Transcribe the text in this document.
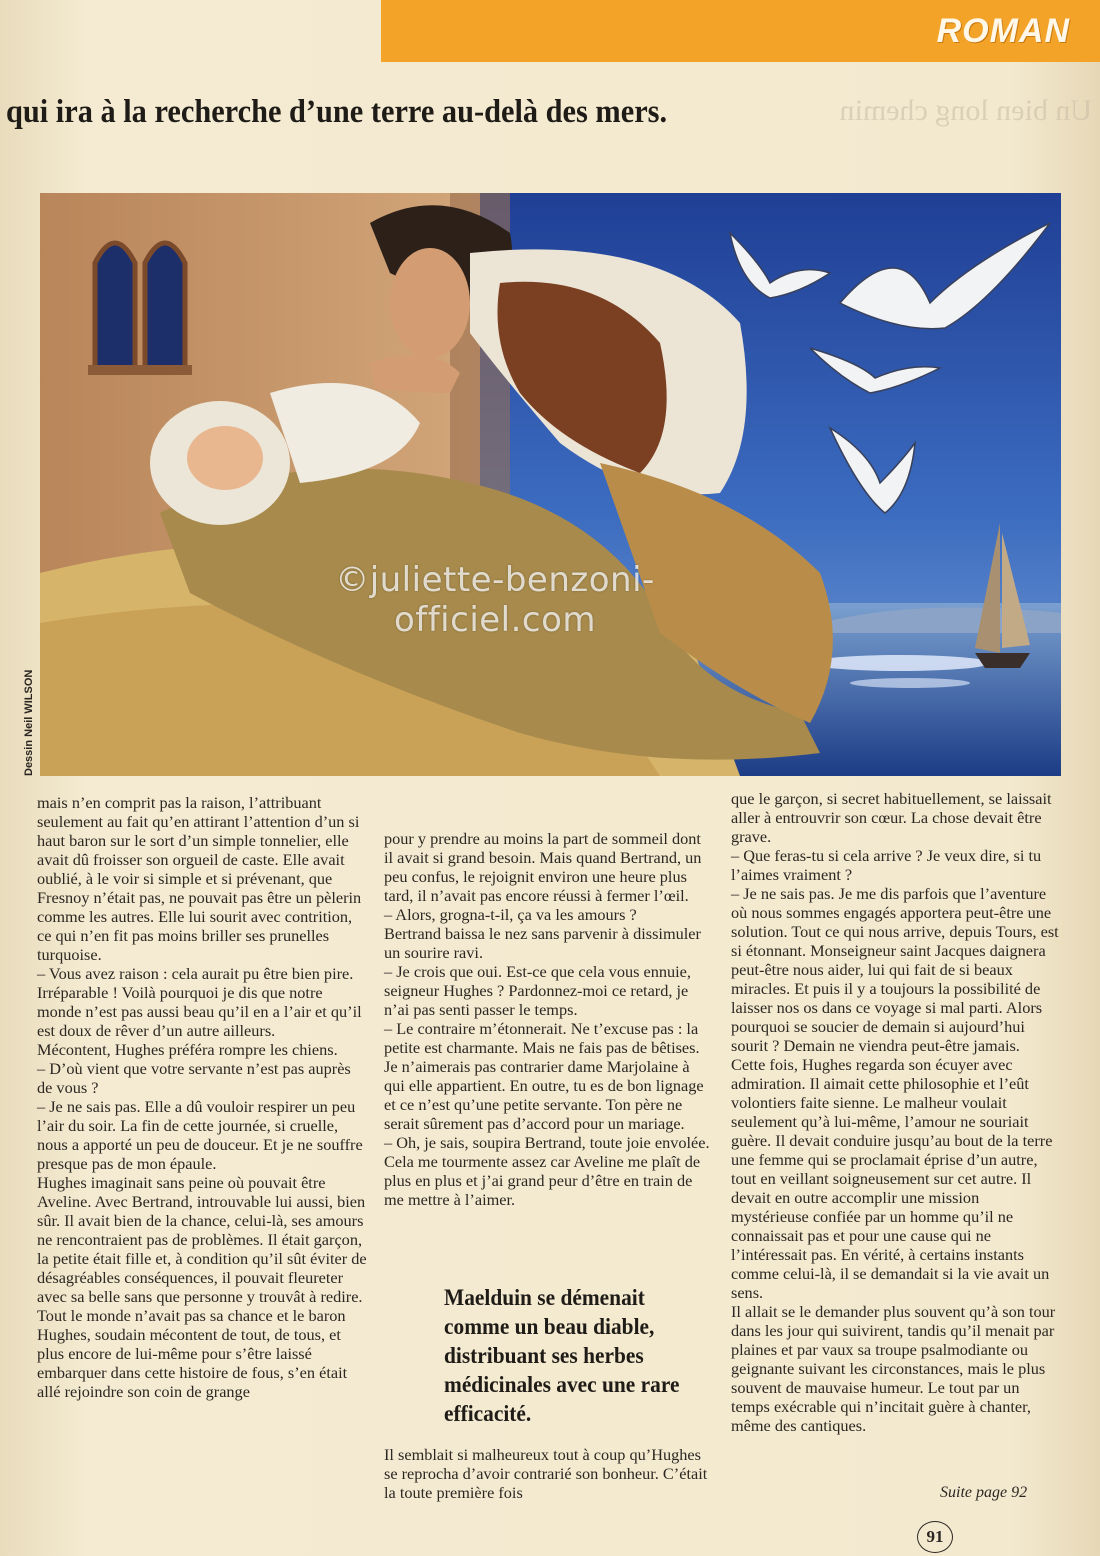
ROMAN
Un bien long chemin
qui ira à la recherche d’une terre au-delà des mers.
©juliette-benzoni-officiel.com
Dessin Neil WILSON

mais n’en comprit pas la raison, l’attribuant seulement au fait qu’en attirant l’attention d’un si haut baron sur le sort d’un simple tonnelier, elle avait dû froisser son orgueil de caste. Elle avait oublié, à le voir si simple et si prévenant, que Fresnoy n’était pas, ne pouvait pas être un pèlerin comme les autres. Elle lui sourit avec contrition, ce qui n’en fit pas moins briller ses prunelles turquoise.

– Vous avez raison : cela aurait pu être bien pire. Irréparable ! Voilà pourquoi je dis que notre monde n’est pas aussi beau qu’il en a l’air et qu’il est doux de rêver d’un autre ailleurs.

Mécontent, Hughes préféra rompre les chiens.

– D’où vient que votre servante n’est pas auprès de vous ?

– Je ne sais pas. Elle a dû vouloir respirer un peu l’air du soir. La fin de cette journée, si cruelle, nous a apporté un peu de douceur. Et je ne souffre presque pas de mon épaule.

Hughes imaginait sans peine où pouvait être Aveline. Avec Bertrand, introuvable lui aussi, bien sûr. Il avait bien de la chance, celui-là, ses amours ne rencontraient pas de problèmes. Il était garçon, la petite était fille et, à condition qu’il sût éviter de désagréables conséquences, il pouvait fleureter avec sa belle sans que personne y trouvât à redire. Tout le monde n’avait pas sa chance et le baron Hughes, soudain mécontent de tout, de tous, et plus encore de lui-même pour s’être laissé embarquer dans cette histoire de fous, s’en était allé rejoindre son coin de grange

pour y prendre au moins la part de sommeil dont il avait si grand besoin. Mais quand Bertrand, un peu confus, le rejoignit environ une heure plus tard, il n’avait pas encore réussi à fermer l’œil.

– Alors, grogna-t-il, ça va les amours ?

Bertrand baissa le nez sans parvenir à dissimuler un sourire ravi.

– Je crois que oui. Est-ce que cela vous ennuie, seigneur Hughes ? Pardonnez-moi ce retard, je n’ai pas senti passer le temps.

– Le contraire m’étonnerait. Ne t’excuse pas : la petite est charmante. Mais ne fais pas de bêtises. Je n’aimerais pas contrarier dame Marjolaine à qui elle appartient. En outre, tu es de bon lignage et ce n’est qu’une petite servante. Ton père ne serait sûrement pas d’accord pour un mariage.

– Oh, je sais, soupira Bertrand, toute joie envolée. Cela me tourmente assez car Aveline me plaît de plus en plus et j’ai grand peur d’être en train de me mettre à l’aimer.

Maelduin se démenait comme un beau diable, distribuant ses herbes médicinales avec une rare efficacité.

Il semblait si malheureux tout à coup qu’Hughes se reprocha d’avoir contrarié son bonheur. C’était la toute première fois

que le garçon, si secret habituellement, se laissait aller à entrouvrir son cœur. La chose devait être grave.

– Que feras-tu si cela arrive ? Je veux dire, si tu l’aimes vraiment ?

– Je ne sais pas. Je me dis parfois que l’aventure où nous sommes engagés apportera peut-être une solution. Tout ce qui nous arrive, depuis Tours, est si étonnant. Monseigneur saint Jacques daignera peut-être nous aider, lui qui fait de si beaux miracles. Et puis il y a toujours la possibilité de laisser nos os dans ce voyage si mal parti. Alors pourquoi se soucier de demain si aujourd’hui sourit ? Demain ne viendra peut-être jamais.

Cette fois, Hughes regarda son écuyer avec admiration. Il aimait cette philosophie et l’eût volontiers faite sienne. Le malheur voulait seulement qu’à lui-même, l’amour ne souriait guère. Il devait conduire jusqu’au bout de la terre une femme qui se proclamait éprise d’un autre, tout en veillant soigneusement sur cet autre. Il devait en outre accomplir une mission mystérieuse confiée par un homme qu’il ne connaissait pas et pour une cause qui ne l’intéressait pas. En vérité, à certains instants comme celui-là, il se demandait si la vie avait un sens.

Il allait se le demander plus souvent qu’à son tour dans les jour qui suivirent, tandis qu’il menait par plaines et par vaux sa troupe psalmodiante ou geignante suivant les circonstances, mais le plus souvent de mauvaise humeur. Le tout par un temps exécrable qui n’incitait guère à chanter, même des cantiques.

Suite page 92
91
